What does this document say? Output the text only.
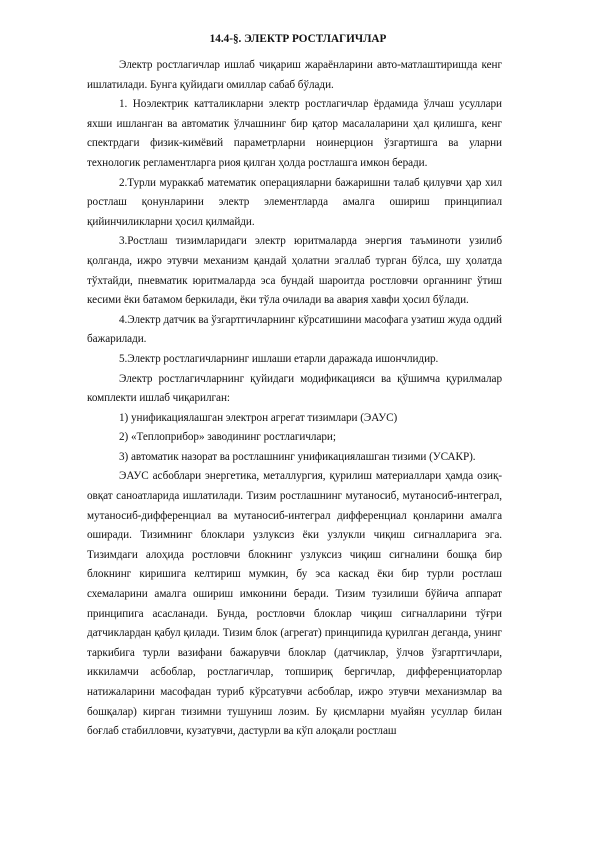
14.4-§. ЭЛЕКТР РОСТЛАГИЧЛАР

Электр ростлагичлар ишлаб чиқариш жараёнларини авто-матлаштиришда кенг ишлатилади. Бунга қуйидаги омиллар сабаб бўлади.

1. Ноэлектрик катталикларни электр ростлагичлар ёрдамида ўлчаш усуллари яхши ишланган ва автоматик ўлчашнинг бир қатор масалаларини ҳал қилишга, кенг спектрдаги физик-кимёвий параметрларни ноинерцион ўзгартишга ва уларни технологик регламентларга риоя қилган ҳолда ростлашга имкон беради.

2.Турли мураккаб математик операцияларни бажаришни талаб қилувчи ҳар хил ростлаш қонунларини электр элементларда амалга ошириш принципиал қийинчиликларни ҳосил қилмайди.

3.Ростлаш тизимларидаги электр юритмаларда энергия таъминоти узилиб қолганда, ижро этувчи механизм қандай ҳолатни эгаллаб турган бўлса, шу ҳолатда тўхтайди, пневматик юритмаларда эса бундай шароитда ростловчи органнинг ўтиш кесими ёки батамом беркилади, ёки тўла очилади ва авария хавфи ҳосил бўлади.

4.Электр датчик ва ўзгартгичларнинг кўрсатишини масофага узатиш жуда оддий бажарилади.

5.Электр ростлагичларнинг ишлаши етарли даражада ишончлидир.

Электр ростлагичларнинг қуйидаги модификацияси ва қўшимча қурилмалар комплекти ишлаб чиқарилган:

1) унификациялашган электрон агрегат тизимлари (ЭАУС)

2) «Теплоприбор» заводининг ростлагичлари;

3) автоматик назорат ва ростлашнинг унификациялашган тизими (УСАКР).

ЭАУС асбоблари энергетика, металлургия, қурилиш материаллари ҳамда озиқ-овқат саноатларида ишлатилади. Тизим ростлашнинг мутаносиб, мутаносиб-интеграл, мутаносиб-дифференциал ва мутаносиб-интеграл дифференциал қонларини амалга оширади. Тизимнинг блоклари узлуксиз ёки узлукли чиқиш сигналларига эга. Тизимдаги алоҳида ростловчи блокнинг узлуксиз чиқиш сигналини бошқа бир блокнинг киришига келтириш мумкин, бу эса каскад ёки бир турли ростлаш схемаларини амалга ошириш имконини беради. Тизим тузилиши бўйича аппарат принципига асасланади. Бунда, ростловчи блоклар чиқиш сигналларини тўғри датчиклардан қабул қилади. Тизим блок (агрегат) принципида қурилган деганда, унинг таркибига турли вазифани бажарувчи блоклар (датчиклар, ўлчов ўзгартгичлари, иккиламчи асбоблар, ростлагичлар, топшириқ бергичлар, дифференциаторлар натижаларини масофадан туриб кўрсатувчи асбоблар, ижро этувчи механизмлар ва бошқалар) кирган тизимни тушуниш лозим. Бу қисмларни муайян усуллар билан боғлаб стабилловчи, кузатувчи, дастурли ва кўп алоқали ростлаш
